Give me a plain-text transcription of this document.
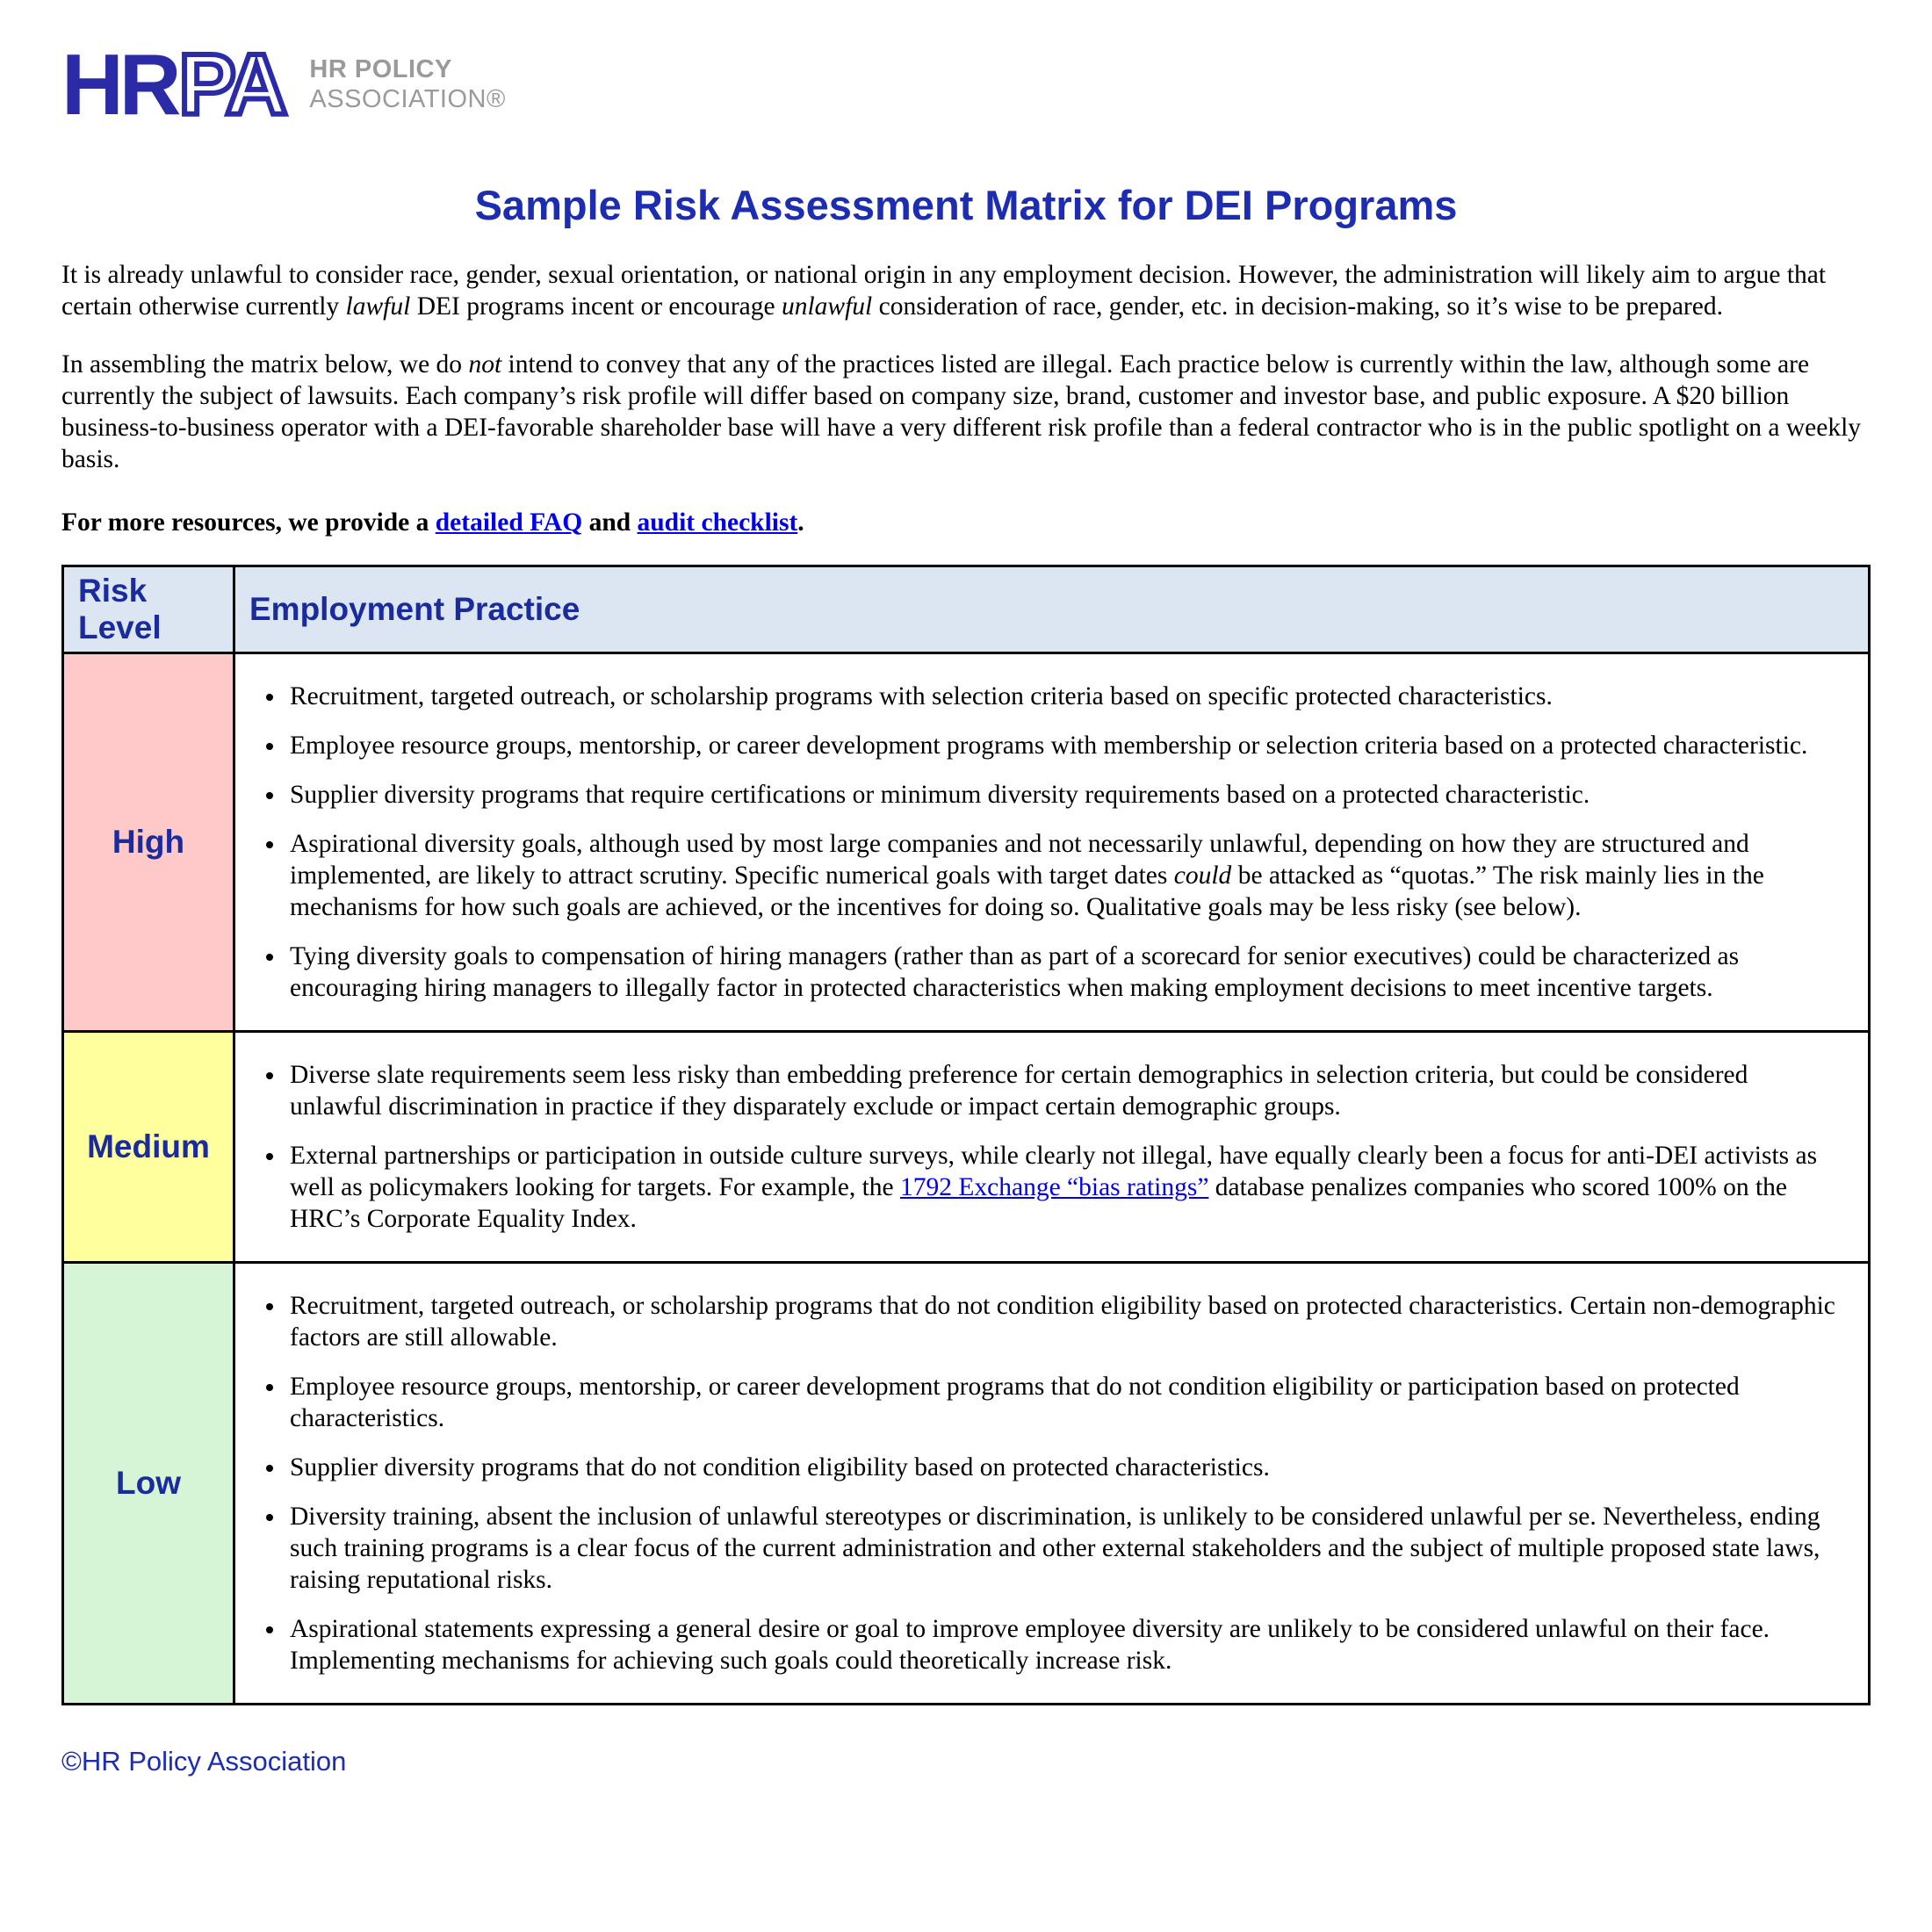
HR PA HR POLICY
ASSOCIATION®
Sample Risk Assessment Matrix for DEI Programs

It is already unlawful to consider race, gender, sexual orientation, or national origin in any employment decision. However, the administration will likely aim to argue that certain otherwise currently lawful DEI programs incent or encourage unlawful consideration of race, gender, etc. in decision-making, so it’s wise to be prepared.

In assembling the matrix below, we do not intend to convey that any of the practices listed are illegal. Each practice below is currently within the law, although some are currently the subject of lawsuits. Each company’s risk profile will differ based on company size, brand, customer and investor base, and public exposure. A $20 billion business-to-business operator with a DEI-favorable shareholder base will have a very different risk profile than a federal contractor who is in the public spotlight on a weekly basis.

For more resources, we provide a detailed FAQ and audit checklist.

Risk Level	Employment Practice
High	
• Recruitment, targeted outreach, or scholarship programs with selection criteria based on specific protected characteristics.
• Employee resource groups, mentorship, or career development programs with membership or selection criteria based on a protected characteristic.
• Supplier diversity programs that require certifications or minimum diversity requirements based on a protected characteristic.
• Aspirational diversity goals, although used by most large companies and not necessarily unlawful, depending on how they are structured and implemented, are likely to attract scrutiny. Specific numerical goals with target dates could be attacked as “quotas.” The risk mainly lies in the mechanisms for how such goals are achieved, or the incentives for doing so. Qualitative goals may be less risky (see below).
• Tying diversity goals to compensation of hiring managers (rather than as part of a scorecard for senior executives) could be characterized as encouraging hiring managers to illegally factor in protected characteristics when making employment decisions to meet incentive targets.

Medium	
• Diverse slate requirements seem less risky than embedding preference for certain demographics in selection criteria, but could be considered unlawful discrimination in practice if they disparately exclude or impact certain demographic groups.
• External partnerships or participation in outside culture surveys, while clearly not illegal, have equally clearly been a focus for anti-DEI activists as well as policymakers looking for targets. For example, the 1792 Exchange “bias ratings” database penalizes companies who scored 100% on the HRC’s Corporate Equality Index.

Low	
• Recruitment, targeted outreach, or scholarship programs that do not condition eligibility based on protected characteristics. Certain non-demographic factors are still allowable.
• Employee resource groups, mentorship, or career development programs that do not condition eligibility or participation based on protected characteristics.
• Supplier diversity programs that do not condition eligibility based on protected characteristics.
• Diversity training, absent the inclusion of unlawful stereotypes or discrimination, is unlikely to be considered unlawful per se. Nevertheless, ending such training programs is a clear focus of the current administration and other external stakeholders and the subject of multiple proposed state laws, raising reputational risks.
• Aspirational statements expressing a general desire or goal to improve employee diversity are unlikely to be considered unlawful on their face. Implementing mechanisms for achieving such goals could theoretically increase risk.
©HR Policy Association
